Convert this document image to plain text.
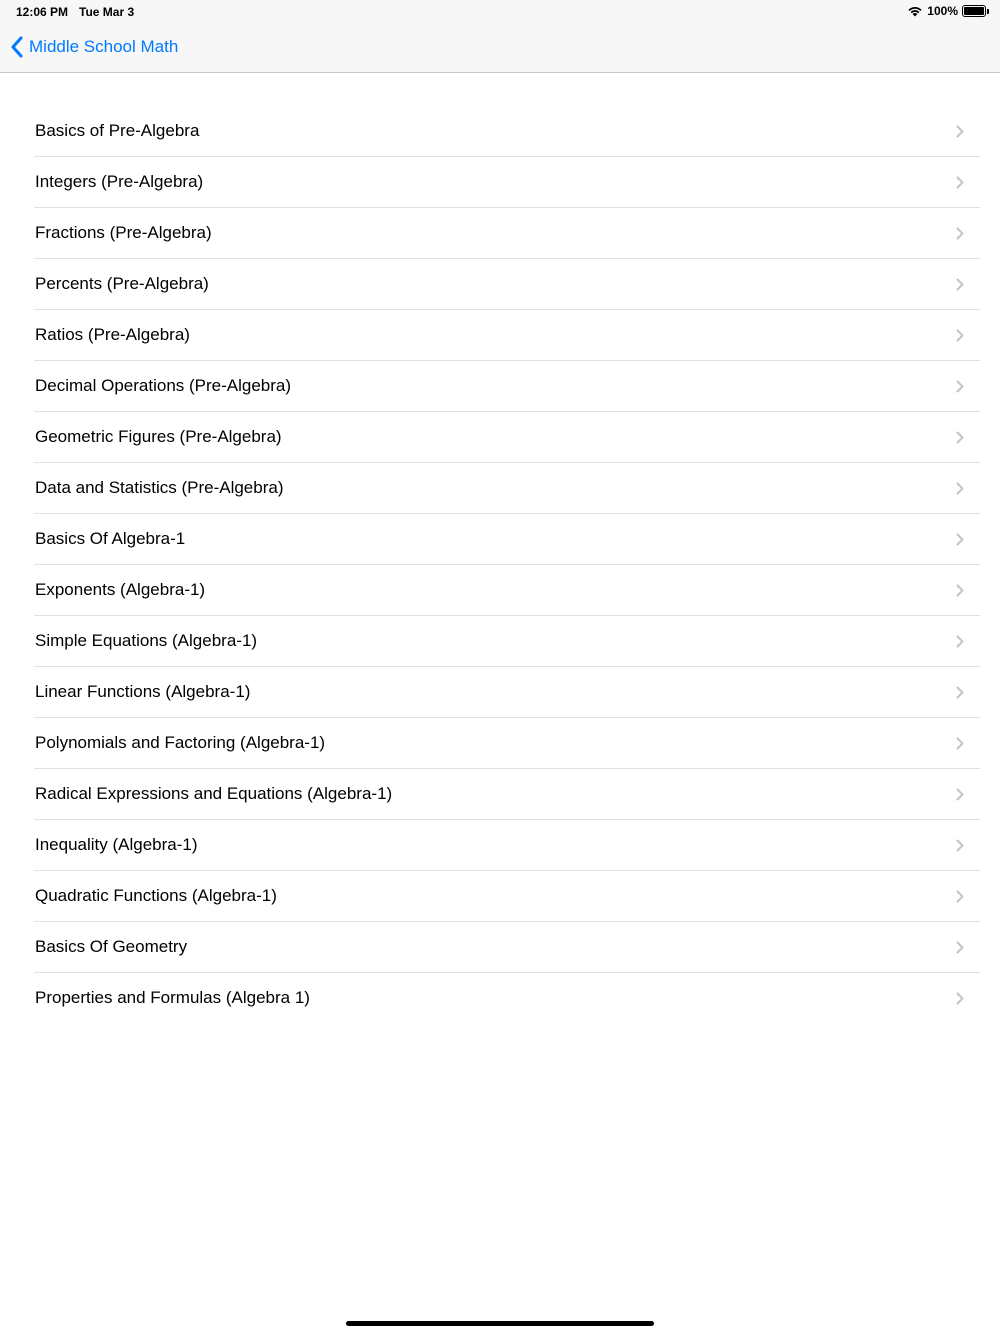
12:06 PM Tue Mar 3	100%
Middle School Math
Basics of Pre-Algebra
Integers (Pre-Algebra)
Fractions (Pre-Algebra)
Percents (Pre-Algebra)
Ratios (Pre-Algebra)
Decimal Operations (Pre-Algebra)
Geometric Figures (Pre-Algebra)
Data and Statistics (Pre-Algebra)
Basics Of Algebra-1
Exponents (Algebra-1)
Simple Equations (Algebra-1)
Linear Functions (Algebra-1)
Polynomials and Factoring (Algebra-1)
Radical Expressions and Equations (Algebra-1)
Inequality (Algebra-1)
Quadratic Functions (Algebra-1)
Basics Of Geometry
Properties and Formulas (Algebra 1)
